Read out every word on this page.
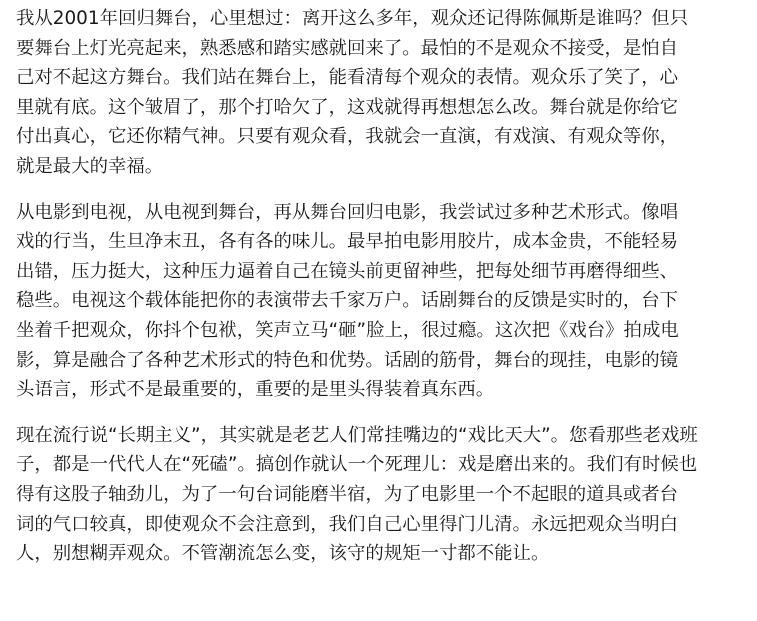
我从2001年回归舞台，心里想过：离开这么多年，观众还记得陈佩斯是谁吗？但只
要舞台上灯光亮起来，熟悉感和踏实感就回来了。最怕的不是观众不接受，是怕自
己对不起这方舞台。我们站在舞台上，能看清每个观众的表情。观众乐了笑了，心
里就有底。这个皱眉了，那个打哈欠了，这戏就得再想想怎么改。舞台就是你给它
付出真心，它还你精气神。只要有观众看，我就会一直演，有戏演、有观众等你，
就是最大的幸福。

从电影到电视，从电视到舞台，再从舞台回归电影，我尝试过多种艺术形式。像唱
戏的行当，生旦净末丑，各有各的味儿。最早拍电影用胶片，成本金贵，不能轻易
出错，压力挺大，这种压力逼着自己在镜头前更留神些，把每处细节再磨得细些、
稳些。电视这个载体能把你的表演带去千家万户。话剧舞台的反馈是实时的，台下
坐着千把观众，你抖个包袱，笑声立马“砸”脸上，很过瘾。这次把《戏台》拍成电
影，算是融合了各种艺术形式的特色和优势。话剧的筋骨，舞台的现挂，电影的镜
头语言，形式不是最重要的，重要的是里头得装着真东西。

现在流行说“长期主义”，其实就是老艺人们常挂嘴边的“戏比天大”。您看那些老戏班
子，都是一代代人在“死磕”。搞创作就认一个死理儿：戏是磨出来的。我们有时候也
得有这股子轴劲儿，为了一句台词能磨半宿，为了电影里一个不起眼的道具或者台
词的气口较真，即使观众不会注意到，我们自己心里得门儿清。永远把观众当明白
人，别想糊弄观众。不管潮流怎么变，该守的规矩一寸都不能让。
